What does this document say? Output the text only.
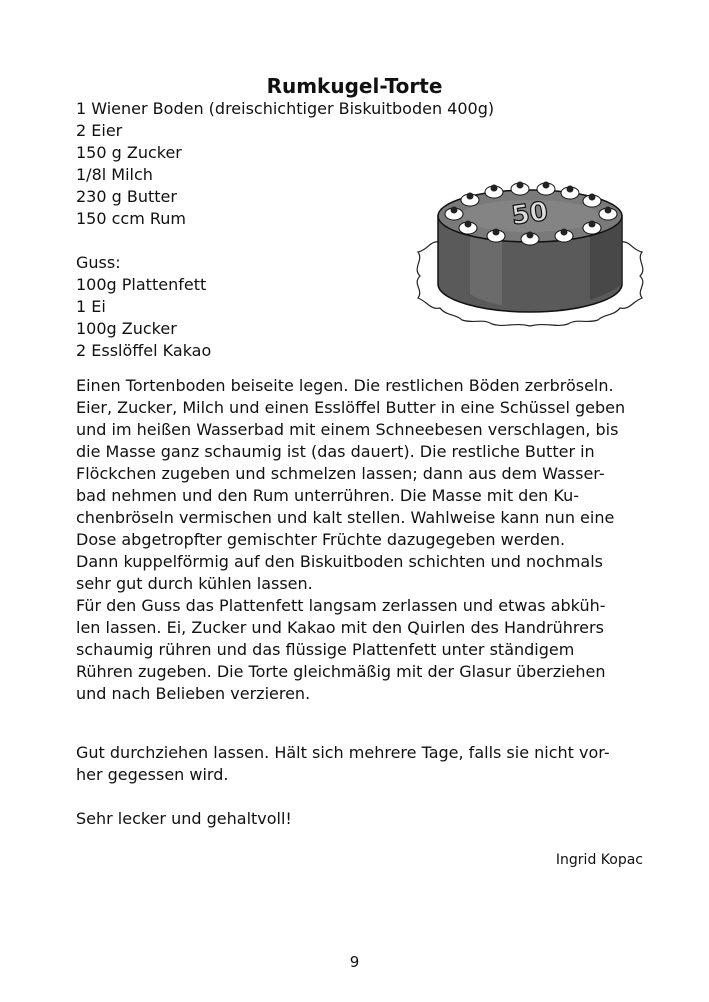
Rumkugel-Torte
1 Wiener Boden (dreischichtiger Biskuitboden 400g)
2 Eier
150 g Zucker
1/8l Milch
230 g Butter
150 ccm Rum

Guss:

100g Plattenfett
1 Ei
100g Zucker
2 Esslöffel Kakao
50

Einen Tortenboden beiseite legen. Die restlichen Böden zerbröseln.

Eier, Zucker, Milch und einen Esslöffel Butter in eine Schüssel geben

und im heißen Wasserbad mit einem Schneebesen verschlagen, bis

die Masse ganz schaumig ist (das dauert). Die restliche Butter in

Flöckchen zugeben und schmelzen lassen; dann aus dem Wasser-

bad nehmen und den Rum unterrühren. Die Masse mit den Ku-

chenbröseln vermischen und kalt stellen. Wahlweise kann nun eine

Dose abgetropfter gemischter Früchte dazugegeben werden.

Dann kuppelförmig auf den Biskuitboden schichten und nochmals

sehr gut durch kühlen lassen.

Für den Guss das Plattenfett langsam zerlassen und etwas abküh-

len lassen. Ei, Zucker und Kakao mit den Quirlen des Handrührers

schaumig rühren und das flüssige Plattenfett unter ständigem

Rühren zugeben. Die Torte gleichmäßig mit der Glasur überziehen

und nach Belieben verzieren.

Gut durchziehen lassen. Hält sich mehrere Tage, falls sie nicht vor-

her gegessen wird.

Sehr lecker und gehaltvoll!

Ingrid Kopac

9
